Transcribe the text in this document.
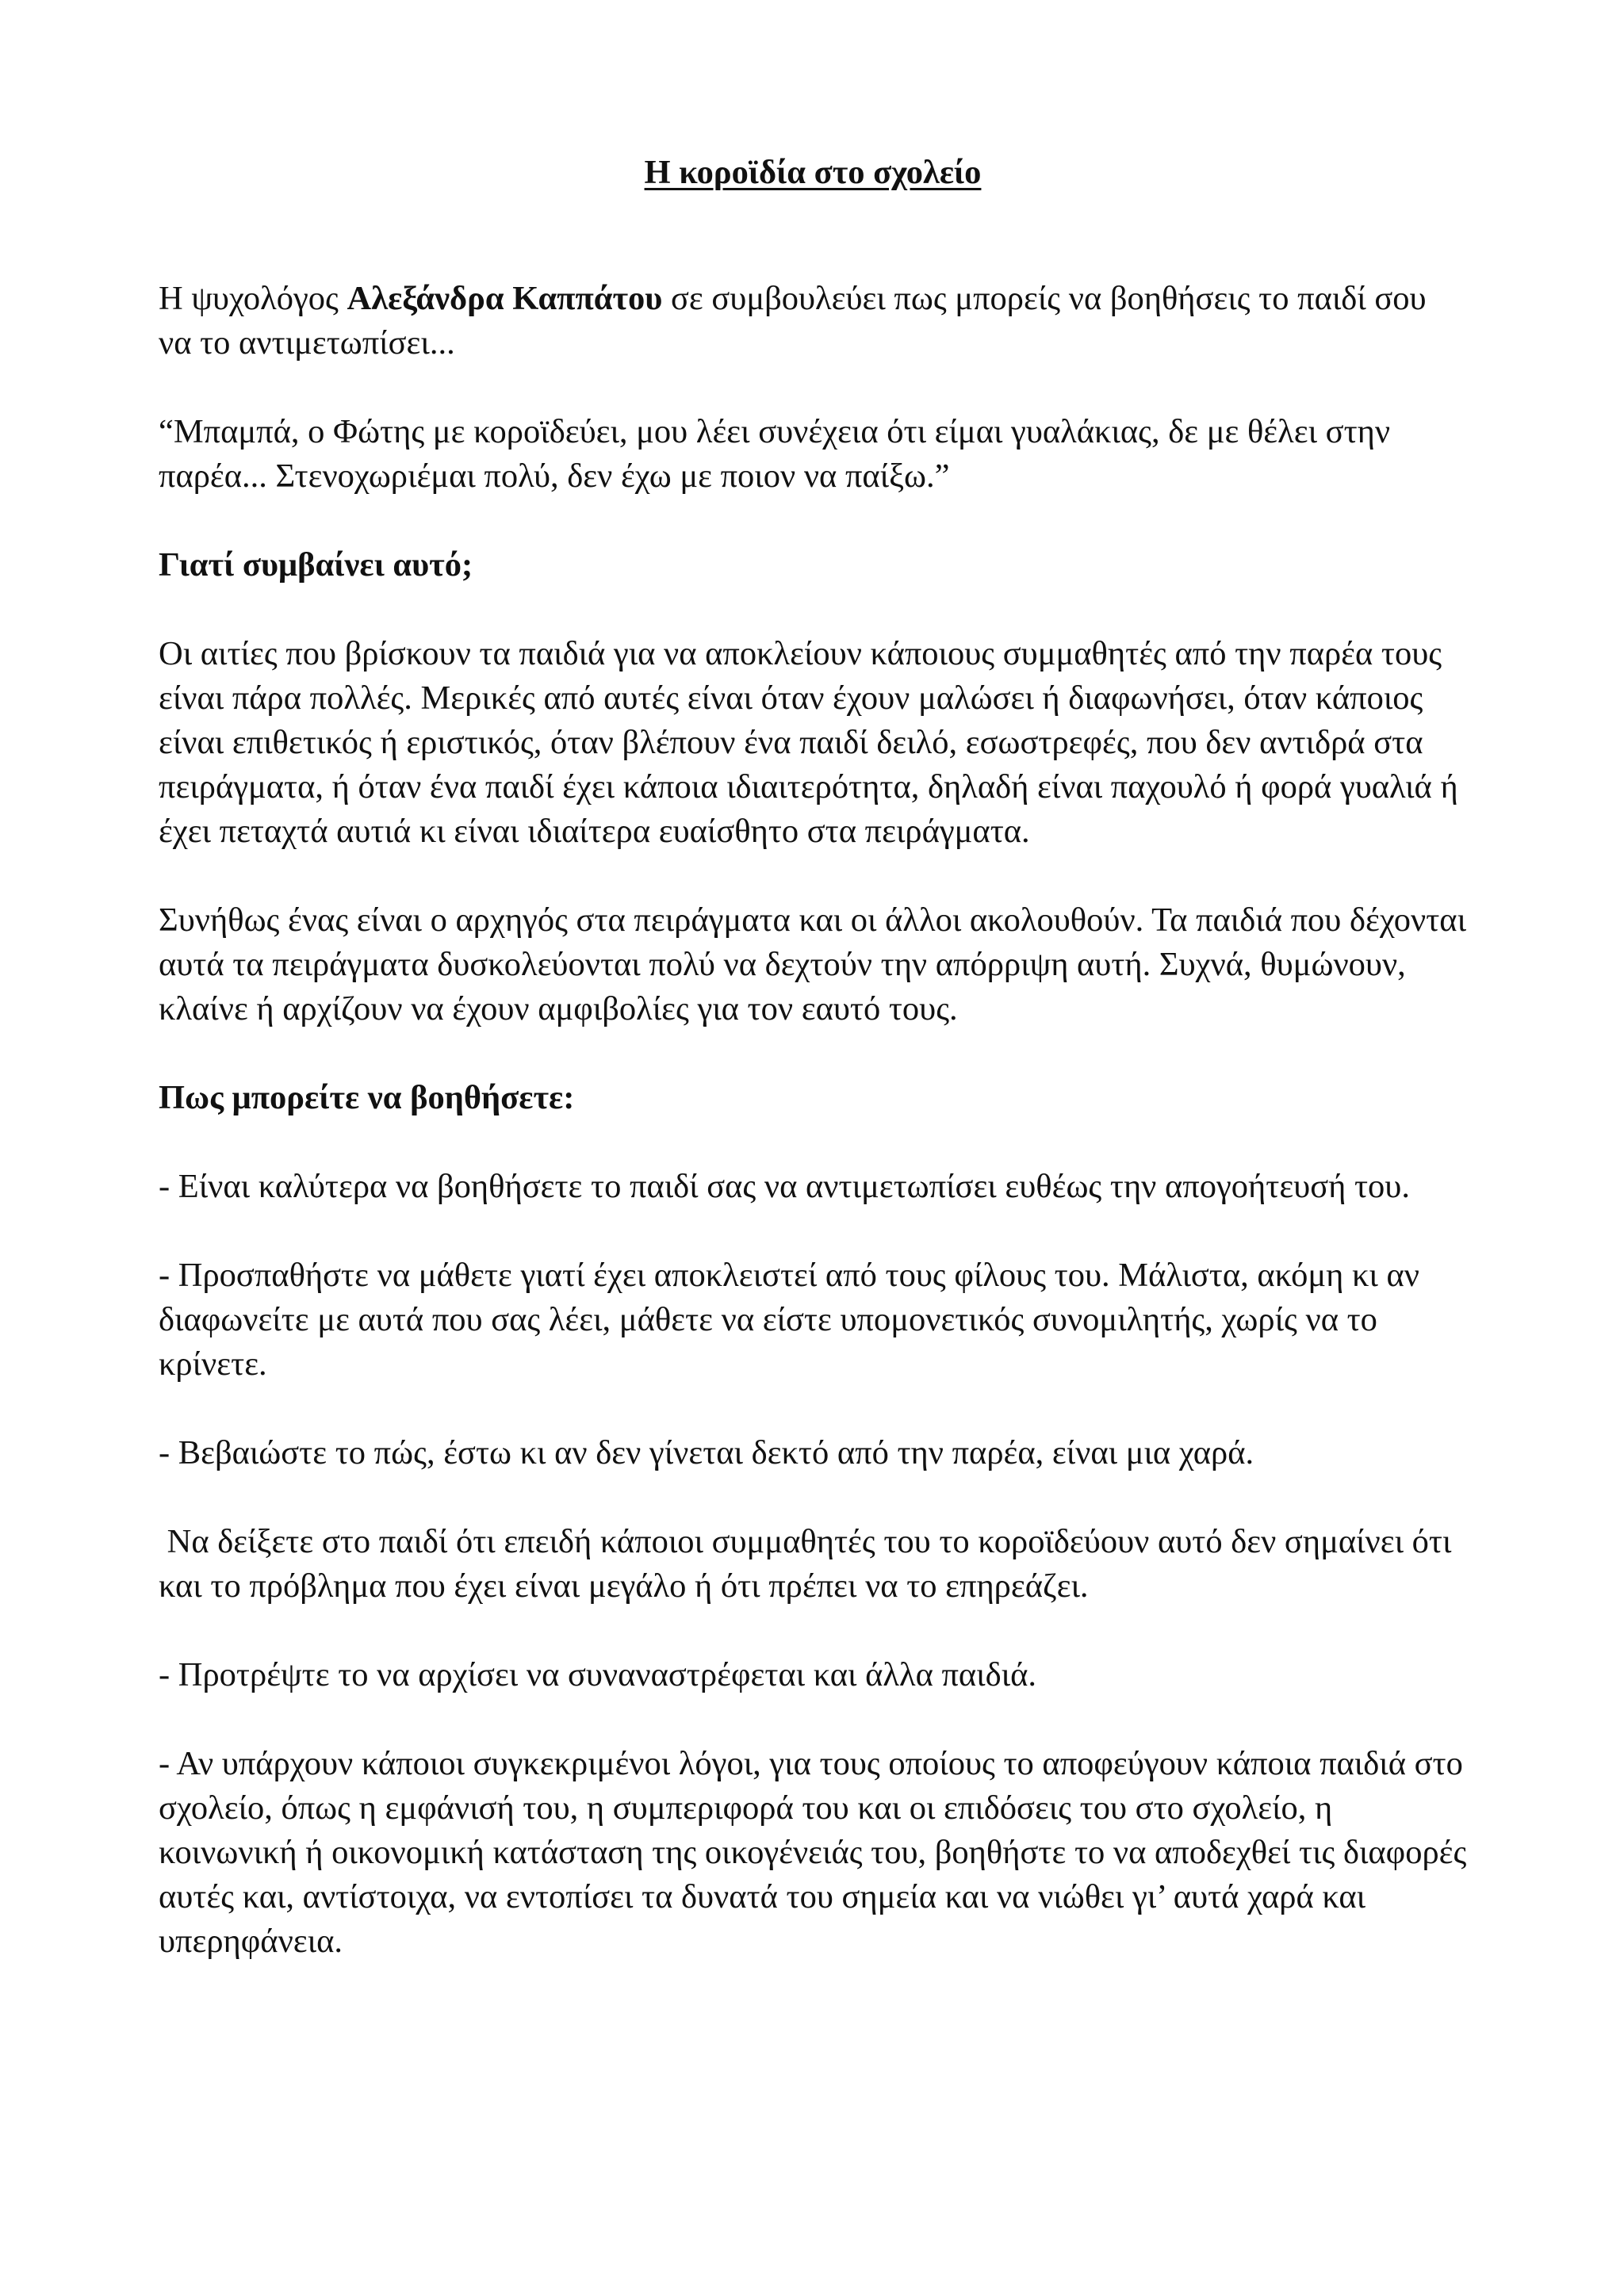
Η κοροϊδία στο σχολείο

Η ψυχολόγος Αλεξάνδρα Καππάτου σε συμβουλεύει πως μπορείς να βοηθήσεις το παιδί σου να το αντιμετωπίσει...

“Μπαμπά, ο Φώτης με κοροϊδεύει, μου λέει συνέχεια ότι είμαι γυαλάκιας, δε με θέλει στην παρέα... Στενοχωριέμαι πολύ, δεν έχω με ποιον να παίξω.”

Γιατί συμβαίνει αυτό;

Οι αιτίες που βρίσκουν τα παιδιά για να αποκλείουν κάποιους συμμαθητές από την παρέα τους είναι πάρα πολλές. Μερικές από αυτές είναι όταν έχουν μαλώσει ή διαφωνήσει, όταν κάποιος είναι επιθετικός ή εριστικός, όταν βλέπουν ένα παιδί δειλό, εσωστρεφές, που δεν αντιδρά στα πειράγματα, ή όταν ένα παιδί έχει κάποια ιδιαιτερότητα, δηλαδή είναι παχουλό ή φορά γυαλιά ή έχει πεταχτά αυτιά κι είναι ιδιαίτερα ευαίσθητο στα πειράγματα.

Συνήθως ένας είναι ο αρχηγός στα πειράγματα και οι άλλοι ακολουθούν. Τα παιδιά που δέχονται αυτά τα πειράγματα δυσκολεύονται πολύ να δεχτούν την απόρριψη αυτή. Συχνά, θυμώνουν, κλαίνε ή αρχίζουν να έχουν αμφιβολίες για τον εαυτό τους.

Πως μπορείτε να βοηθήσετε:

- Είναι καλύτερα να βοηθήσετε το παιδί σας να αντιμετωπίσει ευθέως την απογοήτευσή του.

- Προσπαθήστε να μάθετε γιατί έχει αποκλειστεί από τους φίλους του. Μάλιστα, ακόμη κι αν διαφωνείτε με αυτά που σας λέει, μάθετε να είστε υπομονετικός συνομιλητής, χωρίς να το κρίνετε.

- Βεβαιώστε το πώς, έστω κι αν δεν γίνεται δεκτό από την παρέα, είναι μια χαρά.

Να δείξετε στο παιδί ότι επειδή κάποιοι συμμαθητές του το κοροϊδεύουν αυτό δεν σημαίνει ότι και το πρόβλημα που έχει είναι μεγάλο ή ότι πρέπει να το επηρεάζει.

- Προτρέψτε το να αρχίσει να συναναστρέφεται και άλλα παιδιά.

- Αν υπάρχουν κάποιοι συγκεκριμένοι λόγοι, για τους οποίους το αποφεύγουν κάποια παιδιά στο σχολείο, όπως η εμφάνισή του, η συμπεριφορά του και οι επιδόσεις του στο σχολείο, η κοινωνική ή οικονομική κατάσταση της οικογένειάς του, βοηθήστε το να αποδεχθεί τις διαφορές αυτές και, αντίστοιχα, να εντοπίσει τα δυνατά του σημεία και να νιώθει γι’ αυτά χαρά και υπερηφάνεια.
